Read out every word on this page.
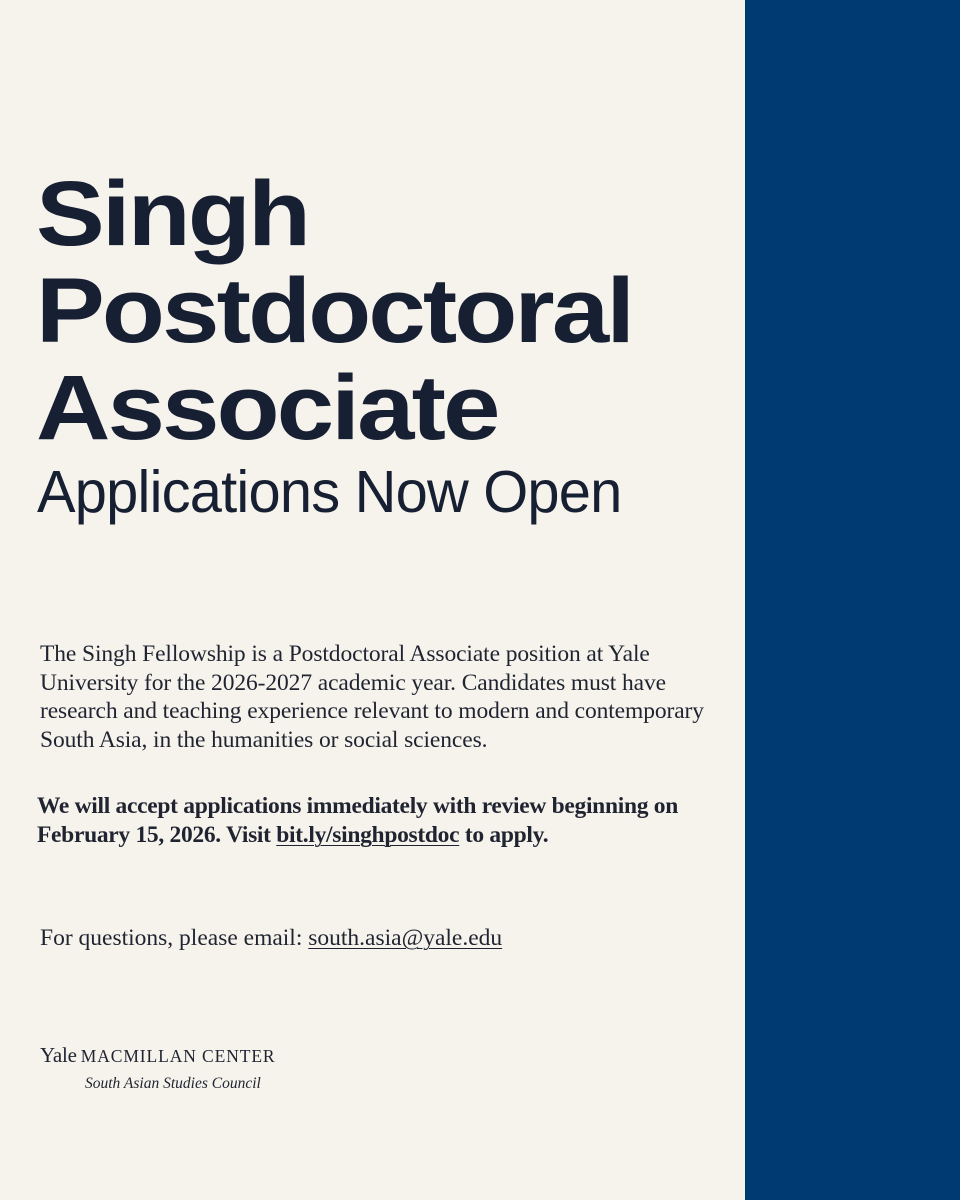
Singh
Postdoctoral
Associate
Applications Now Open

The Singh Fellowship is a Postdoctoral Associate position at Yale University for the 2026-2027 academic year. Candidates must have research and teaching experience relevant to modern and contemporary South Asia, in the humanities or social sciences.

We will accept applications immediately with review beginning on February 15, 2026. Visit bit.ly/singhpostdoc to apply.

For questions, please email: south.asia@yale.edu

Yale MACMILLAN CENTER
South Asian Studies Council
